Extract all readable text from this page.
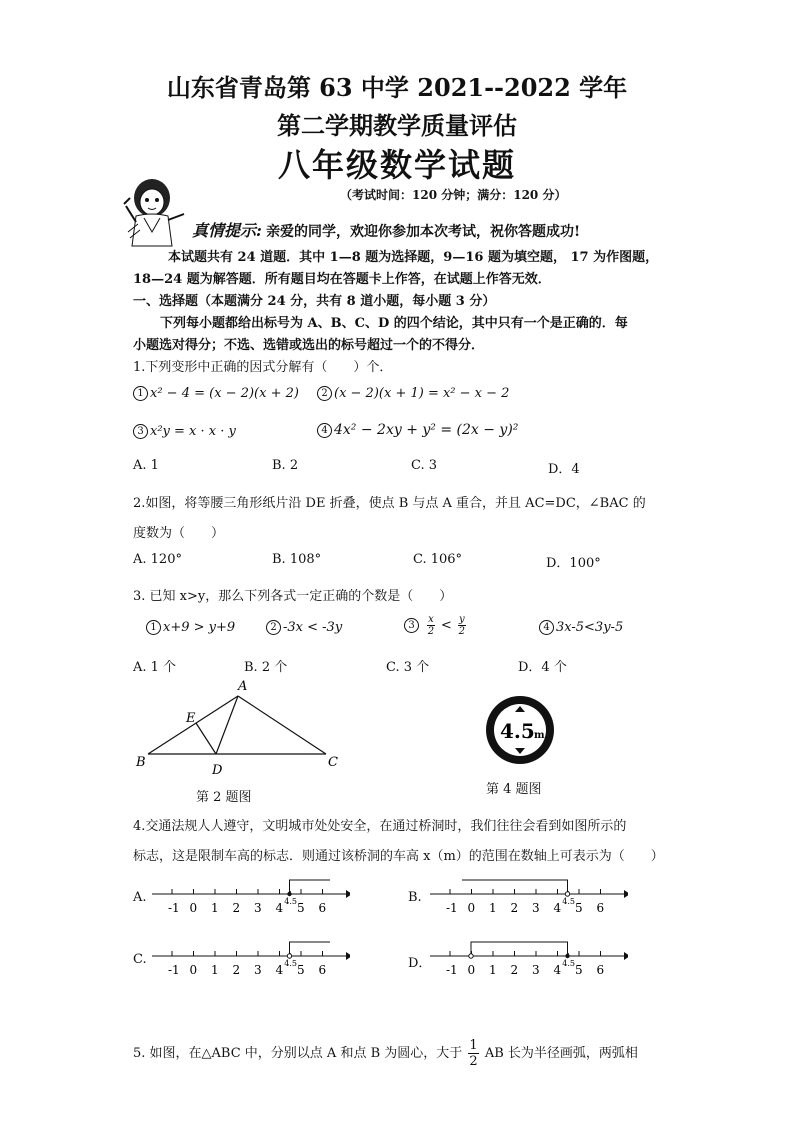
山东省青岛第 63 中学 2021--2022 学年
第二学期教学质量评估
八年级数学试题
（考试时间：120 分钟；满分：120 分）
真情提示: 亲爱的同学，欢迎你参加本次考试，祝你答题成功!
本试题共有 24 道题．其中 1—8 题为选择题，9—16 题为填空题， 17 为作图题，
18—24 题为解答题．所有题目均在答题卡上作答，在试题上作答无效．
一、选择题（本题满分 24 分，共有 8 道小题，每小题 3 分）
下列每小题都给出标号为 A、B、C、D 的四个结论，其中只有一个是正确的．每
小题选对得分；不选、选错或选出的标号超过一个的不得分．
1.下列变形中正确的因式分解有（　　）个．
1 x² − 4 = (x − 2)(x + 2)	2 (x − 2)(x + 1) = x² − x − 2
3 x²y = x · x · y	4 4x² − 2xy + y² = (2x − y)²
A. 1	B. 2	C. 3	D．4
2.如图，将等腰三角形纸片沿 DE 折叠，使点 B 与点 A 重合，并且 AC=DC，∠BAC 的
度数为（　　）
A. 120°	B. 108°	C. 106°	D．100°
3. 已知 x>y，那么下列各式一定正确的个数是（　　）
1 x+9 > y+9	2 -3x < -3y	$3 \frac{x}{2} < \frac{y}{2}$	4 3x-5<3y-5
A. 1 个	B. 2 个	C. 3 个	D．4 个
A
E
B
D
C
第 2 题图
4.5 m
第 4 题图
4.交通法规人人遵守，文明城市处处安全，在通过桥洞时，我们往往会看到如图所示的
标志，这是限制车高的标志．则通过该桥洞的车高 x（m）的范围在数轴上可表示为（　　）
A.
-1 0 1 2 3 4 4.5 5 6
B.
-1 0 1 2 3 4 4.5 5 6
C.
-1 0 1 2 3 4 4.5 5 6	D． -1 0 1 2 3 4 4.5 5 6
5. 如图，在△ABC 中，分别以点 A 和点 B 为圆心，大于 $\frac{1}{2}$ AB 长为半径画弧，两弧相
